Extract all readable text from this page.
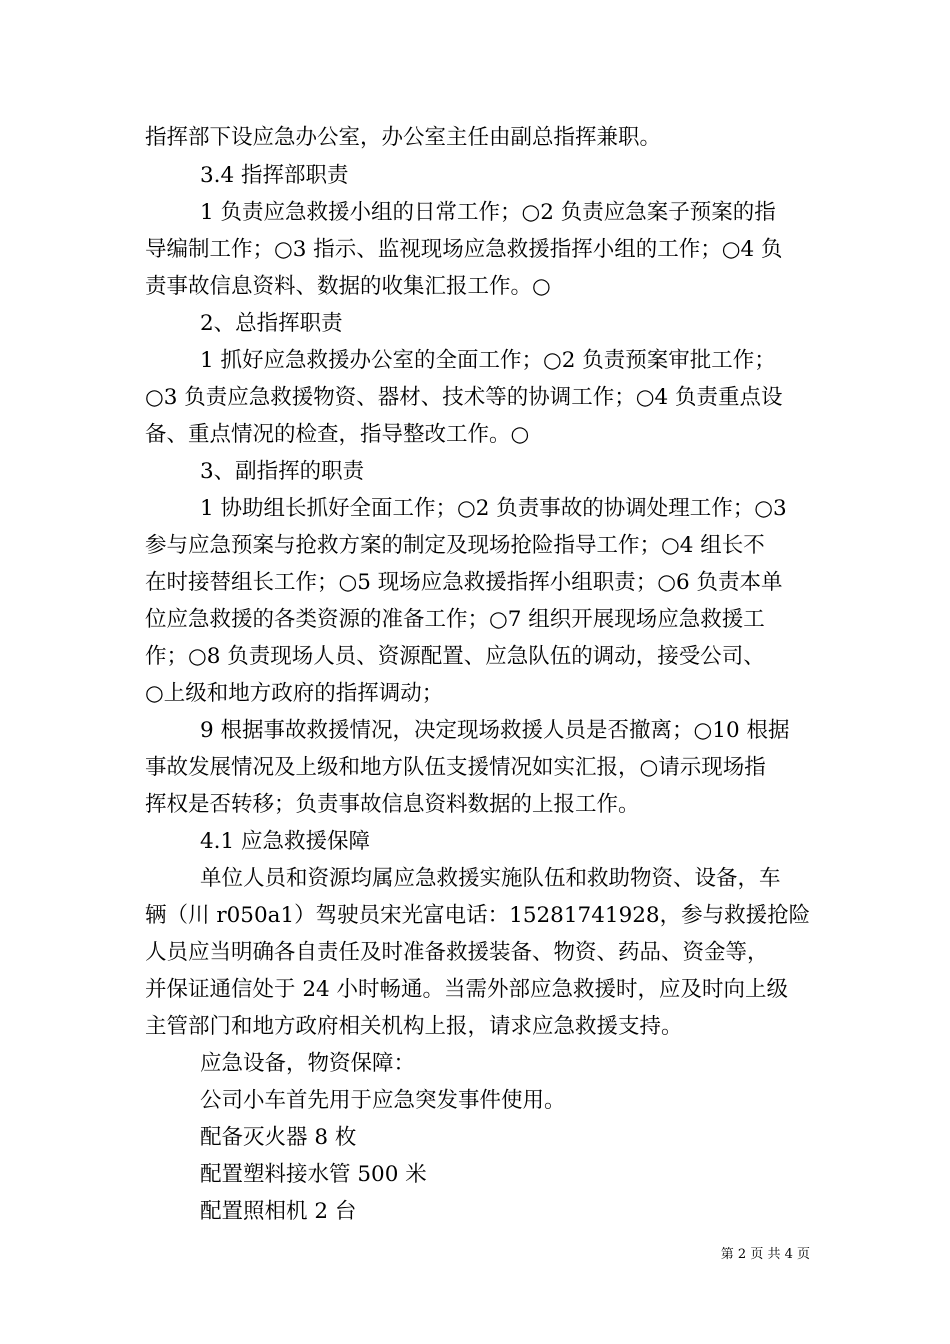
指挥部下设应急办公室，办公室主任由副总指挥兼职。
3.4 指挥部职责
1 负责应急救援小组的日常工作；○2 负责应急案子预案的指
导编制工作；○3 指示、监视现场应急救援指挥小组的工作；○4 负
责事故信息资料、数据的收集汇报工作。○
2、总指挥职责
1 抓好应急救援办公室的全面工作；○2 负责预案审批工作；
○3 负责应急救援物资、器材、技术等的协调工作；○4 负责重点设
备、重点情况的检查，指导整改工作。○
3、副指挥的职责
1 协助组长抓好全面工作；○2 负责事故的协调处理工作；○3
参与应急预案与抢救方案的制定及现场抢险指导工作；○4 组长不
在时接替组长工作；○5 现场应急救援指挥小组职责；○6 负责本单
位应急救援的各类资源的准备工作；○7 组织开展现场应急救援工
作；○8 负责现场人员、资源配置、应急队伍的调动，接受公司、
○上级和地方政府的指挥调动；
9 根据事故救援情况，决定现场救援人员是否撤离；○10 根据
事故发展情况及上级和地方队伍支援情况如实汇报，○请示现场指
挥权是否转移；负责事故信息资料数据的上报工作。
4.1 应急救援保障
单位人员和资源均属应急救援实施队伍和救助物资、设备，车
辆（川 r050a1）驾驶员宋光富电话：15281741928，参与救援抢险
人员应当明确各自责任及时准备救援装备、物资、药品、资金等，
并保证通信处于 24 小时畅通。当需外部应急救援时，应及时向上级
主管部门和地方政府相关机构上报，请求应急救援支持。
应急设备，物资保障：
公司小车首先用于应急突发事件使用。
配备灭火器 8 枚
配置塑料接水管 500 米
配置照相机 2 台
第 2 页 共 4 页
